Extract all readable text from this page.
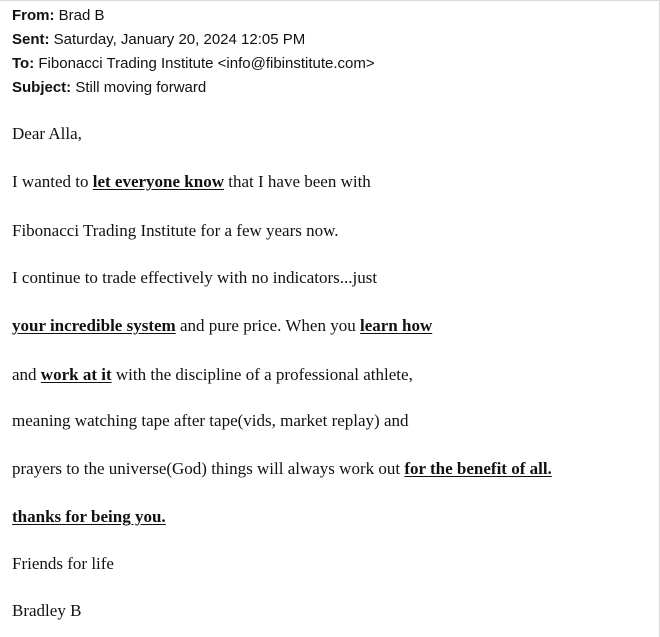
From: Brad B
Sent: Saturday, January 20, 2024 12:05 PM
To: Fibonacci Trading Institute <info@fibinstitute.com>
Subject: Still moving forward
Dear Alla,
I wanted to let everyone know that I have been with
Fibonacci Trading Institute for a few years now.
I continue to trade effectively with no indicators...just
your incredible system and pure price. When you learn how
and work at it with the discipline of a professional athlete,
meaning watching tape after tape(vids, market replay) and
prayers to the universe(God) things will always work out for the benefit of all.
thanks for being you.
Friends for life
Bradley B
